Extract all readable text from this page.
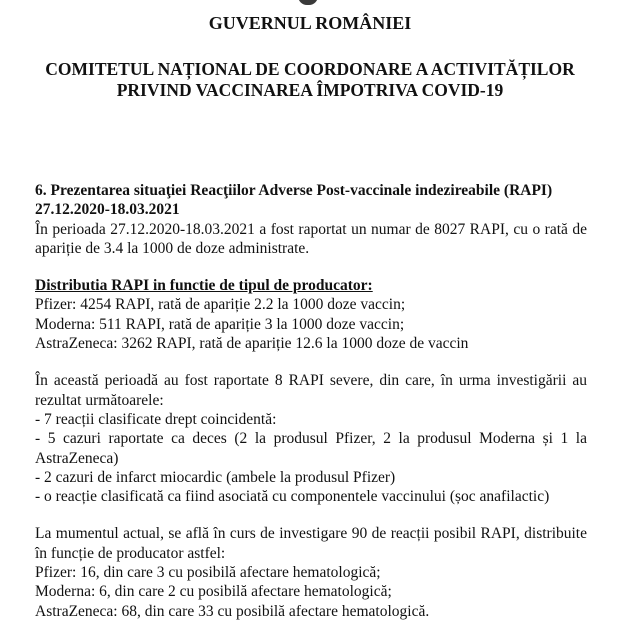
GUVERNUL ROMÂNIEI

COMITETUL NAȚIONAL DE COORDONARE A ACTIVITĂȚILOR

PRIVIND VACCINAREA ÎMPOTRIVA COVID-19

6. Prezentarea situaţiei Reacţiilor Adverse Post-vaccinale indezireabile (RAPI)
27.12.2020-18.03.2021
În perioada 27.12.2020-18.03.2021 a fost raportat un numar de 8027 RAPI, cu o rată de
apariție de 3.4 la 1000 de doze administrate.
Distributia RAPI in functie de tipul de producator:
Pfizer: 4254 RAPI, rată de apariție 2.2 la 1000 doze vaccin;
Moderna: 511 RAPI, rată de apariție 3 la 1000 doze vaccin;
AstraZeneca: 3262 RAPI, rată de apariție 12.6 la 1000 doze de vaccin
În această perioadă au fost raportate 8 RAPI severe, din care, în urma investigării au
rezultat următoarele:
- 7 reacții clasificate drept coincidentă:
- 5 cazuri raportate ca deces (2 la produsul Pfizer, 2 la produsul Moderna și 1 la
AstraZeneca)
- 2 cazuri de infarct miocardic (ambele la produsul Pfizer)
- o reacție clasificată ca fiind asociată cu componentele vaccinului (șoc anafilactic)
La mumentul actual, se află în curs de investigare 90 de reacții posibil RAPI, distribuite
în funcție de producator astfel:
Pfizer: 16, din care 3 cu posibilă afectare hematologică;
Moderna: 6, din care 2 cu posibilă afectare hematologică;
AstraZeneca: 68, din care 33 cu posibilă afectare hematologică.
